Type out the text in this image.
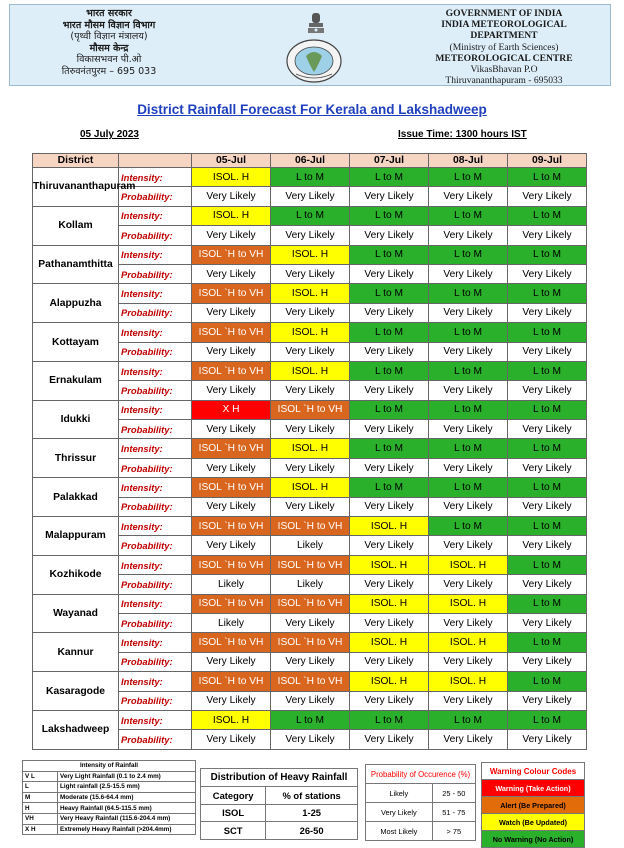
भारत सरकार
भारत मौसम विज्ञान विभाग
(पृथ्वी विज्ञान मंत्रालय)
मौसम केन्द्र
विकासभवन पी.ओ
तिरुवनंतपुरम – 695 033
GOVERNMENT OF INDIA
INDIA METEOROLOGICAL
DEPARTMENT
(Ministry of Earth Sciences)
METEOROLOGICAL CENTRE
VikasBhavan P.O
Thiruvananthapuram - 695033
District Rainfall Forecast For Kerala and Lakshadweep
05 July 2023	Issue Time: 1300 hours IST
District		05-Jul	06-Jul	07-Jul	08-Jul	09-Jul
Thiruvananthapuram	Intensity:	ISOL. H	L to M	L to M	L to M	L to M
	Probability:	Very Likely	Very Likely	Very Likely	Very Likely	Very Likely
Kollam	Intensity:	ISOL. H	L to M	L to M	L to M	L to M
	Probability:	Very Likely	Very Likely	Very Likely	Very Likely	Very Likely
Pathanamthitta	Intensity:	ISOL `H to VH	ISOL. H	L to M	L to M	L to M
	Probability:	Very Likely	Very Likely	Very Likely	Very Likely	Very Likely
Alappuzha	Intensity:	ISOL `H to VH	ISOL. H	L to M	L to M	L to M
	Probability:	Very Likely	Very Likely	Very Likely	Very Likely	Very Likely
Kottayam	Intensity:	ISOL `H to VH	ISOL. H	L to M	L to M	L to M
	Probability:	Very Likely	Very Likely	Very Likely	Very Likely	Very Likely
Ernakulam	Intensity:	ISOL `H to VH	ISOL. H	L to M	L to M	L to M
	Probability:	Very Likely	Very Likely	Very Likely	Very Likely	Very Likely
Idukki	Intensity:	X H	ISOL `H to VH	L to M	L to M	L to M
	Probability:	Very Likely	Very Likely	Very Likely	Very Likely	Very Likely
Thrissur	Intensity:	ISOL `H to VH	ISOL. H	L to M	L to M	L to M
	Probability:	Very Likely	Very Likely	Very Likely	Very Likely	Very Likely
Palakkad	Intensity:	ISOL `H to VH	ISOL. H	L to M	L to M	L to M
	Probability:	Very Likely	Very Likely	Very Likely	Very Likely	Very Likely
Malappuram	Intensity:	ISOL `H to VH	ISOL `H to VH	ISOL. H	L to M	L to M
	Probability:	Very Likely	Likely	Very Likely	Very Likely	Very Likely
Kozhikode	Intensity:	ISOL `H to VH	ISOL `H to VH	ISOL. H	ISOL. H	L to M
	Probability:	Likely	Likely	Very Likely	Very Likely	Very Likely
Wayanad	Intensity:	ISOL `H to VH	ISOL `H to VH	ISOL. H	ISOL. H	L to M
	Probability:	Likely	Very Likely	Very Likely	Very Likely	Very Likely
Kannur	Intensity:	ISOL `H to VH	ISOL `H to VH	ISOL. H	ISOL. H	L to M
	Probability:	Very Likely	Very Likely	Very Likely	Very Likely	Very Likely
Kasaragode	Intensity:	ISOL `H to VH	ISOL `H to VH	ISOL. H	ISOL. H	L to M
	Probability:	Very Likely	Very Likely	Very Likely	Very Likely	Very Likely
Lakshadweep	Intensity:	ISOL. H	L to M	L to M	L to M	L to M
	Probability:	Very Likely	Very Likely	Very Likely	Very Likely	Very Likely
Intensity of Rainfall	
V L	Very Light Rainfall (0.1 to 2.4 mm)
L	Light rainfall (2.5-15.5 mm)
M	Moderate (15.6-64.4 mm)
H	Heavy Rainfall (64.5-115.5 mm)
VH	Very Heavy Rainfall (115.6-204.4 mm)
X H	Extremely Heavy Rainfall (>204.4mm)
Distribution of Heavy Rainfall	
Category	% of stations
ISOL	1-25
SCT	26-50
Probability of Occurence (%)	
Likely	25 - 50
Very Likely	51 - 75
Most Likely	> 75
Warning Colour Codes
Warning (Take Action)
Alert (Be Prepared)
Watch (Be Updated)
No Warning (No Action)
